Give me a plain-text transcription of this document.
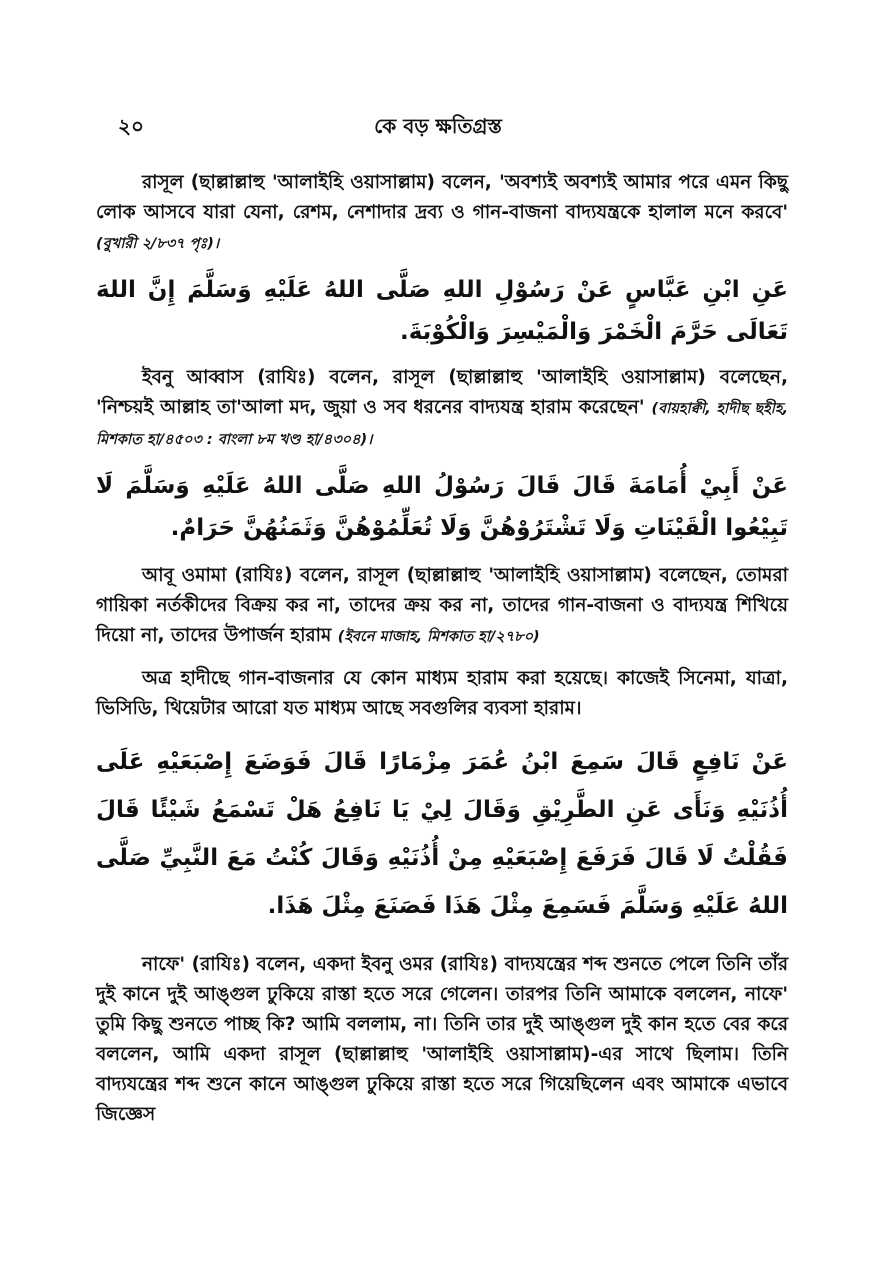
২০	কে বড় ক্ষতিগ্রস্ত

রাসূল (ছাল্লাল্লাহু 'আলাইহি ওয়াসাল্লাম) বলেন, 'অবশ্যই অবশ্যই আমার পরে এমন কিছু লোক আসবে যারা যেনা, রেশম, নেশাদার দ্রব্য ও গান-বাজনা বাদ্যযন্ত্রকে হালাল মনে করবে' (বুখারী ২/৮৩৭ পৃঃ)।

عَنِ ابْنِ عَبَّاسٍ عَنْ رَسُوْلِ اللهِ صَلَّى اللهُ عَلَيْهِ وَسَلَّمَ إِنَّ اللهَ تَعَالَى حَرَّمَ الْخَمْرَ وَالْمَيْسِرَ وَالْكُوْبَةَ.

ইবনু আব্বাস (রাযিঃ) বলেন, রাসূল (ছাল্লাল্লাহু 'আলাইহি ওয়াসাল্লাম) বলেছেন, 'নিশ্চয়ই আল্লাহ তা'আলা মদ, জুয়া ও সব ধরনের বাদ্যযন্ত্র হারাম করেছেন' (বায়হাক্বী, হাদীছ ছহীহ, মিশকাত হা/৪৫০৩ : বাংলা ৮ম খণ্ড হা/৪৩০৪)।

عَنْ أَبِيْ أُمَامَةَ قَالَ قَالَ رَسُوْلُ اللهِ صَلَّى اللهُ عَلَيْهِ وَسَلَّمَ لَا تَبِيْعُوا الْقَيْنَاتِ وَلَا تَشْتَرُوْهُنَّ وَلَا تُعَلِّمُوْهُنَّ وَثَمَنُهُنَّ حَرَامٌ.

আবূ ওমামা (রাযিঃ) বলেন, রাসূল (ছাল্লাল্লাহু 'আলাইহি ওয়াসাল্লাম) বলেছেন, তোমরা গায়িকা নর্তকীদের বিক্রয় কর না, তাদের ক্রয় কর না, তাদের গান-বাজনা ও বাদ্যযন্ত্র শিখিয়ে দিয়ো না, তাদের উপার্জন হারাম (ইবনে মাজাহ, মিশকাত হা/২৭৮০)

অত্র হাদীছে গান-বাজনার যে কোন মাধ্যম হারাম করা হয়েছে। কাজেই সিনেমা, যাত্রা, ভিসিডি, থিয়েটার আরো যত মাধ্যম আছে সবগুলির ব্যবসা হারাম।

عَنْ نَافِعٍ قَالَ سَمِعَ ابْنُ عُمَرَ مِزْمَارًا قَالَ فَوَضَعَ إِصْبَعَيْهِ عَلَى أُذُنَيْهِ وَنَأَى عَنِ الطَّرِيْقِ وَقَالَ لِيْ يَا نَافِعُ هَلْ تَسْمَعُ شَيْئًا قَالَ فَقُلْتُ لَا قَالَ فَرَفَعَ إِصْبَعَيْهِ مِنْ أُذُنَيْهِ وَقَالَ كُنْتُ مَعَ النَّبِيِّ صَلَّى اللهُ عَلَيْهِ وَسَلَّمَ فَسَمِعَ مِثْلَ هَذَا فَصَنَعَ مِثْلَ هَذَا.

নাফে' (রাযিঃ) বলেন, একদা ইবনু ওমর (রাযিঃ) বাদ্যযন্ত্রের শব্দ শুনতে পেলে তিনি তাঁর দুই কানে দুই আঙ্গুল ঢুকিয়ে রাস্তা হতে সরে গেলেন। তারপর তিনি আমাকে বললেন, নাফে' তুমি কিছু শুনতে পাচ্ছ কি? আমি বললাম, না। তিনি তার দুই আঙ্গুল দুই কান হতে বের করে বললেন, আমি একদা রাসূল (ছাল্লাল্লাহু 'আলাইহি ওয়াসাল্লাম)-এর সাথে ছিলাম। তিনি বাদ্যযন্ত্রের শব্দ শুনে কানে আঙ্গুল ঢুকিয়ে রাস্তা হতে সরে গিয়েছিলেন এবং আমাকে এভাবে জিজ্ঞেস
